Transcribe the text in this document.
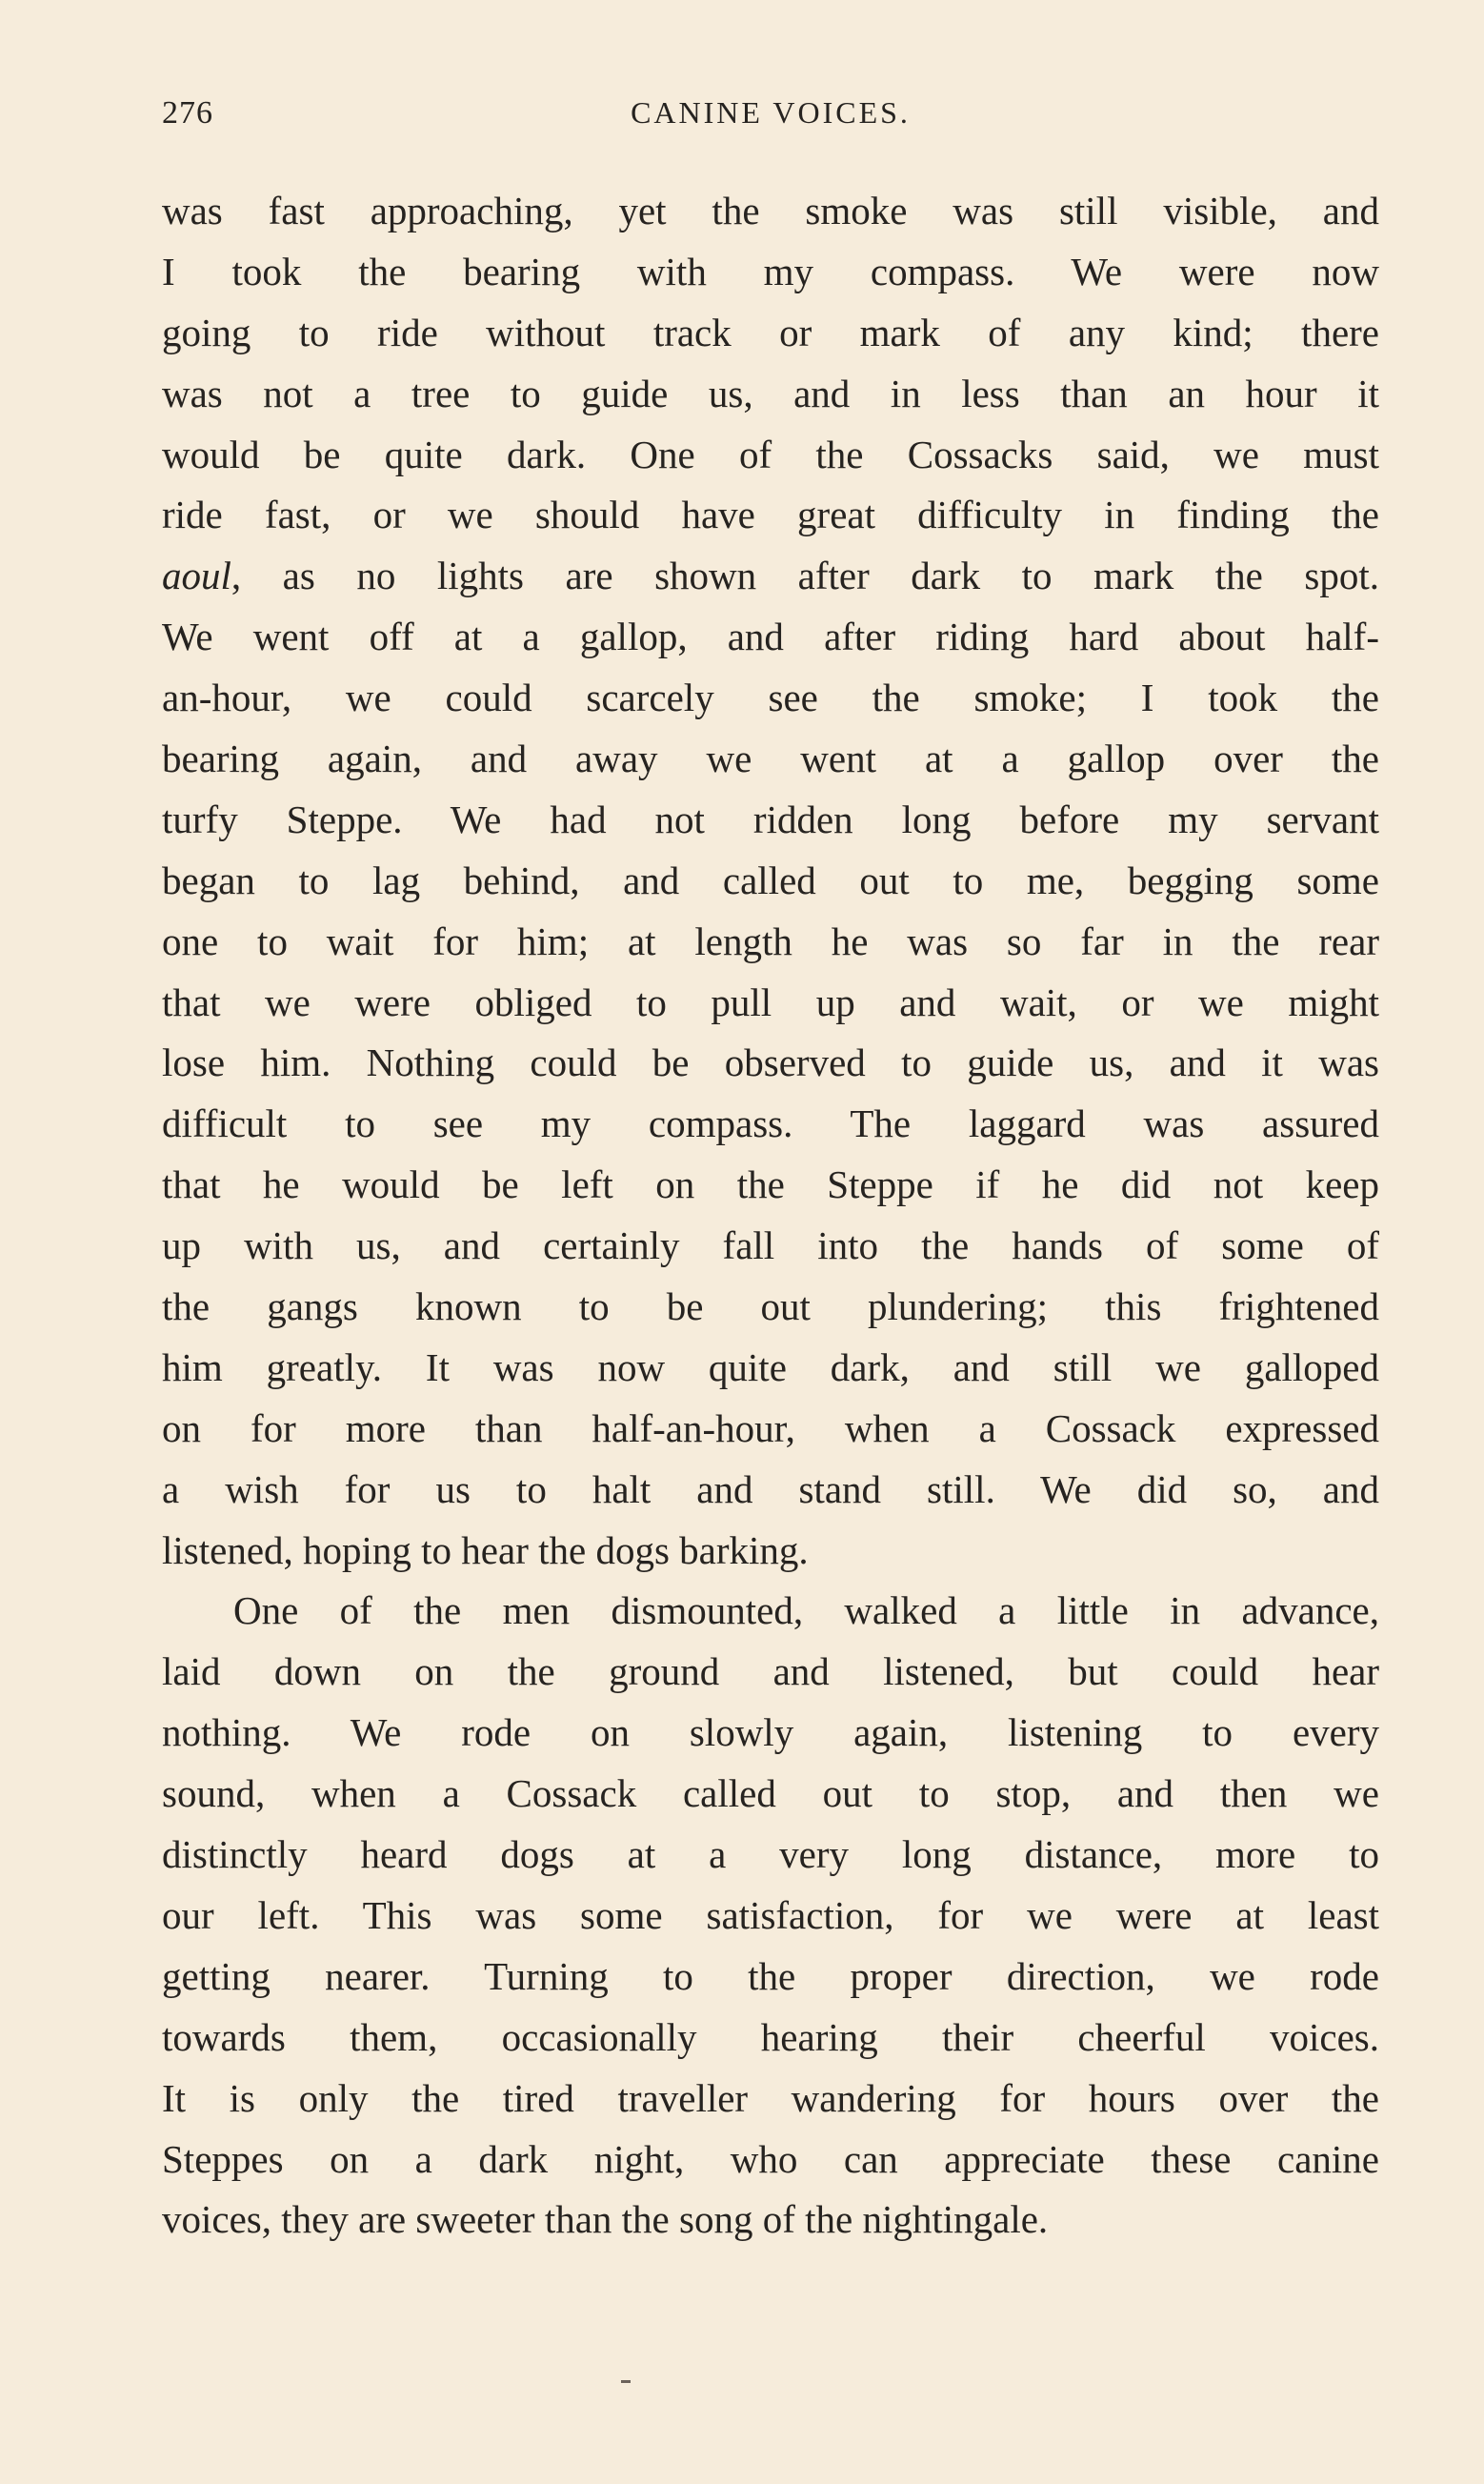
276	CANINE VOICES.
was fast approaching, yet the smoke was still visible, and
I took the bearing with my compass. We were now
going to ride without track or mark of any kind; there
was not a tree to guide us, and in less than an hour it
would be quite dark. One of the Cossacks said, we must
ride fast, or we should have great difficulty in finding the
aoul, as no lights are shown after dark to mark the spot.
We went off at a gallop, and after riding hard about half-
an-hour, we could scarcely see the smoke; I took the
bearing again, and away we went at a gallop over the
turfy Steppe. We had not ridden long before my servant
began to lag behind, and called out to me, begging some
one to wait for him; at length he was so far in the rear
that we were obliged to pull up and wait, or we might
lose him. Nothing could be observed to guide us, and it was
difficult to see my compass. The laggard was assured
that he would be left on the Steppe if he did not keep
up with us, and certainly fall into the hands of some of
the gangs known to be out plundering; this frightened
him greatly. It was now quite dark, and still we galloped
on for more than half-an-hour, when a Cossack expressed
a wish for us to halt and stand still. We did so, and
listened, hoping to hear the dogs barking.
One of the men dismounted, walked a little in advance,
laid down on the ground and listened, but could hear
nothing. We rode on slowly again, listening to every
sound, when a Cossack called out to stop, and then we
distinctly heard dogs at a very long distance, more to
our left. This was some satisfaction, for we were at least
getting nearer. Turning to the proper direction, we rode
towards them, occasionally hearing their cheerful voices.
It is only the tired traveller wandering for hours over the
Steppes on a dark night, who can appreciate these canine
voices, they are sweeter than the song of the nightingale.
